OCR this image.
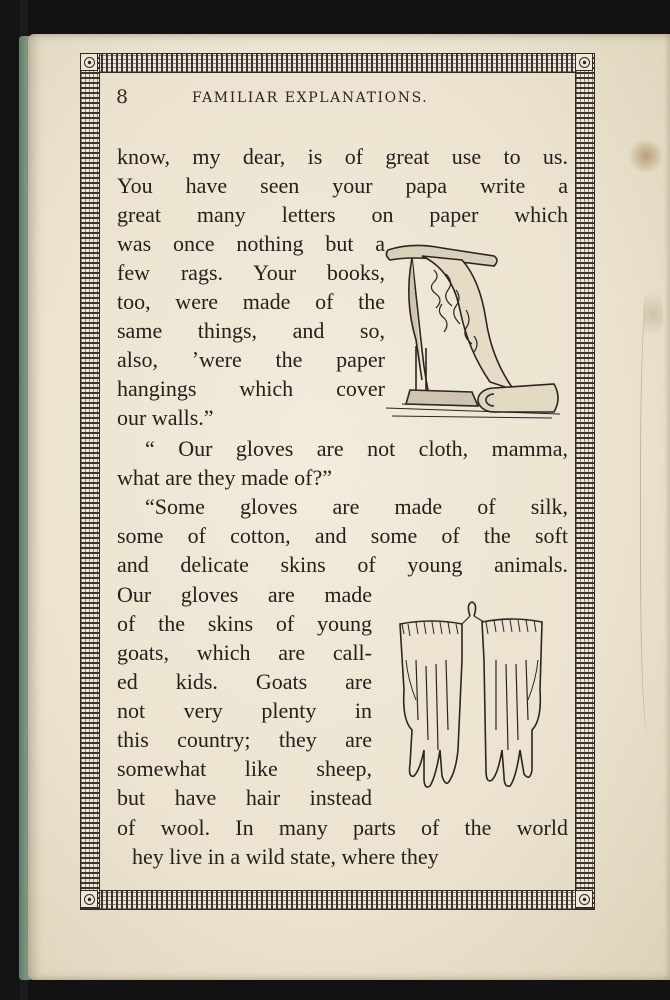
8	FAMILIAR EXPLANATIONS.
know, my dear, is of great use to us.
You have seen your papa write a
great many letters on paper which
was once nothing but a
few rags. Your books,
too, were made of the
same things, and so,
also, ʼwere the paper
hangings which cover
our walls.”
“ Our gloves are not cloth, mamma,
what are they made of?”
“Some gloves are made of silk,
some of cotton, and some of the soft
and delicate skins of young animals.
Our gloves are made
of the skins of young
goats, which are call-
ed kids. Goats are
not very plenty in
this country; they are
somewhat like sheep,
but have hair instead
of wool. In many parts of the world
hey live in a wild state, where they
